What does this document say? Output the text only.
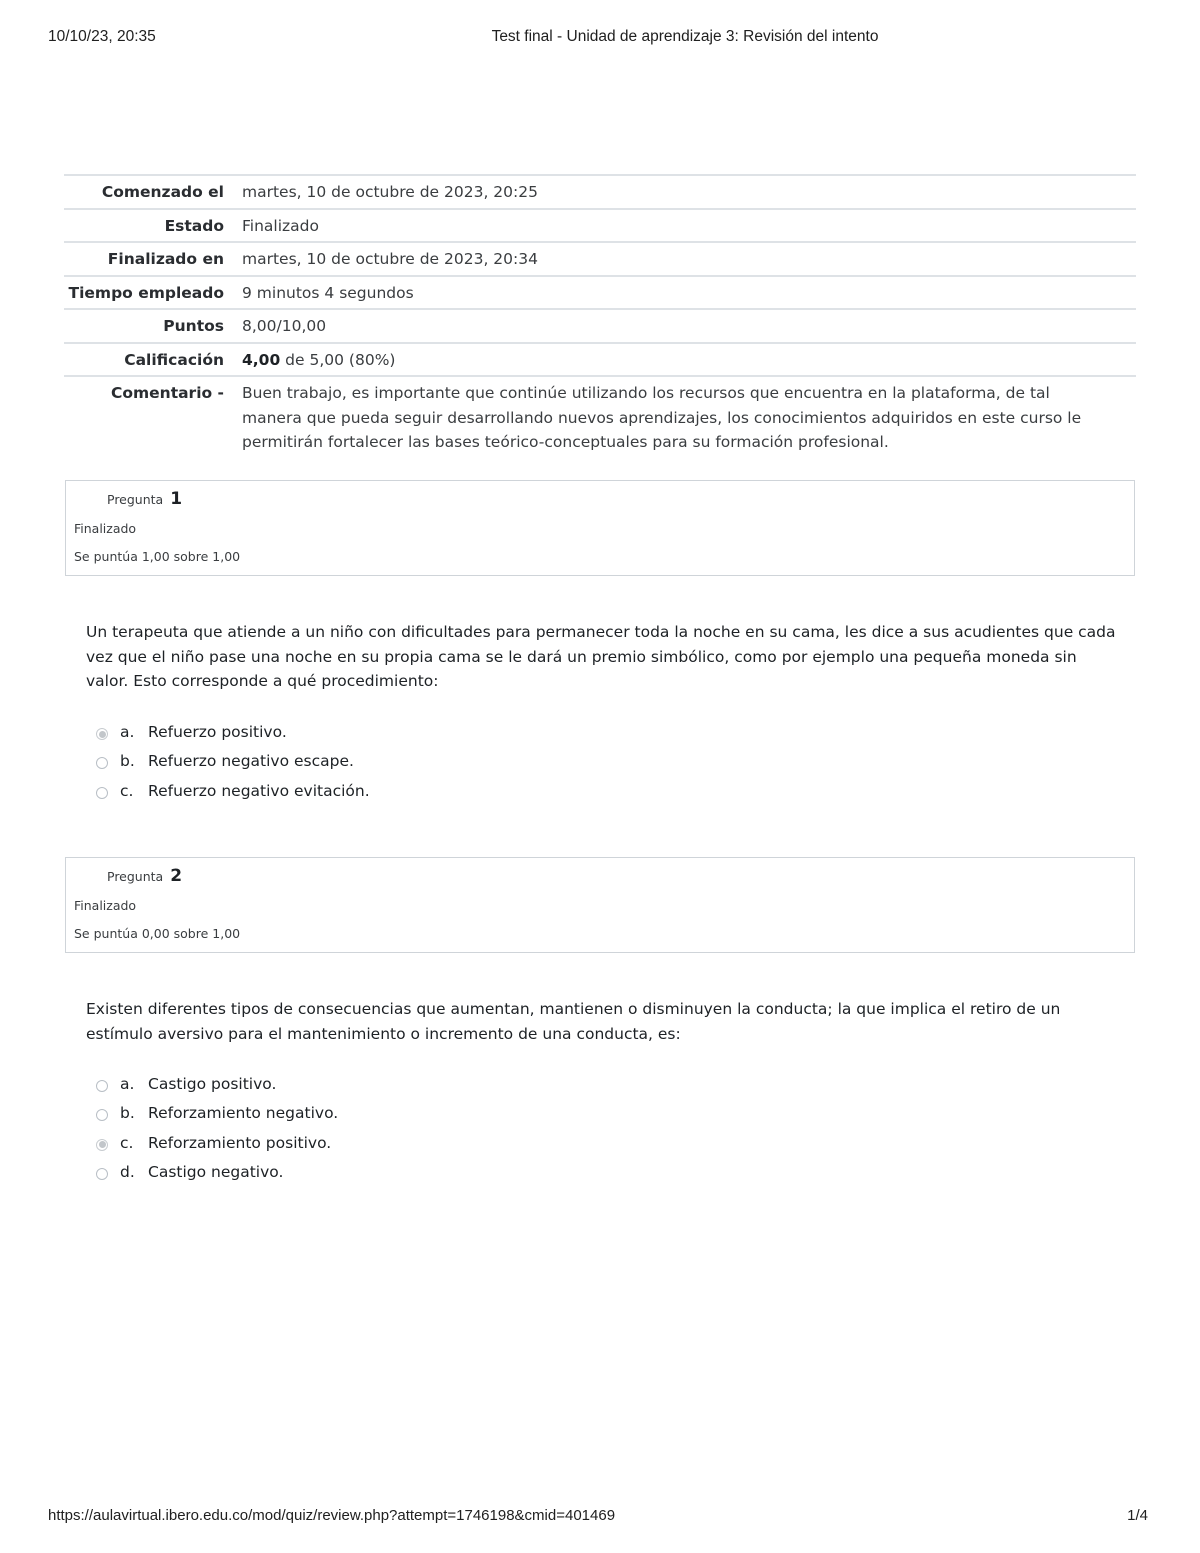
10/10/23, 20:35	Test final - Unidad de aprendizaje 3: Revisión del intento
Comenzado el	martes, 10 de octubre de 2023, 20:25
Estado	Finalizado
Finalizado en	martes, 10 de octubre de 2023, 20:34
Tiempo empleado	9 minutos 4 segundos
Puntos	8,00/10,00
Calificación	4,00 de 5,00 (80%)
Comentario -	Buen trabajo, es importante que continúe utilizando los recursos que encuentra en la plataforma, de tal manera que pueda seguir desarrollando nuevos aprendizajes, los conocimientos adquiridos en este curso le permitirán fortalecer las bases teórico-conceptuales para su formación profesional.
Pregunta 1
Finalizado
Se puntúa 1,00 sobre 1,00
Un terapeuta que atiende a un niño con dificultades para permanecer toda la noche en su cama, les dice a sus acudientes que cada vez que el niño pase una noche en su propia cama se le dará un premio simbólico, como por ejemplo una pequeña moneda sin valor. Esto corresponde a qué procedimiento:
a. Refuerzo positivo.
b. Refuerzo negativo escape.
c. Refuerzo negativo evitación.
Pregunta 2
Finalizado
Se puntúa 0,00 sobre 1,00
Existen diferentes tipos de consecuencias que aumentan, mantienen o disminuyen la conducta; la que implica el retiro de un estímulo aversivo para el mantenimiento o incremento de una conducta, es:
a. Castigo positivo.
b. Reforzamiento negativo.
c. Reforzamiento positivo.
d. Castigo negativo.
https://aulavirtual.ibero.edu.co/mod/quiz/review.php?attempt=1746198&cmid=401469	1/4
